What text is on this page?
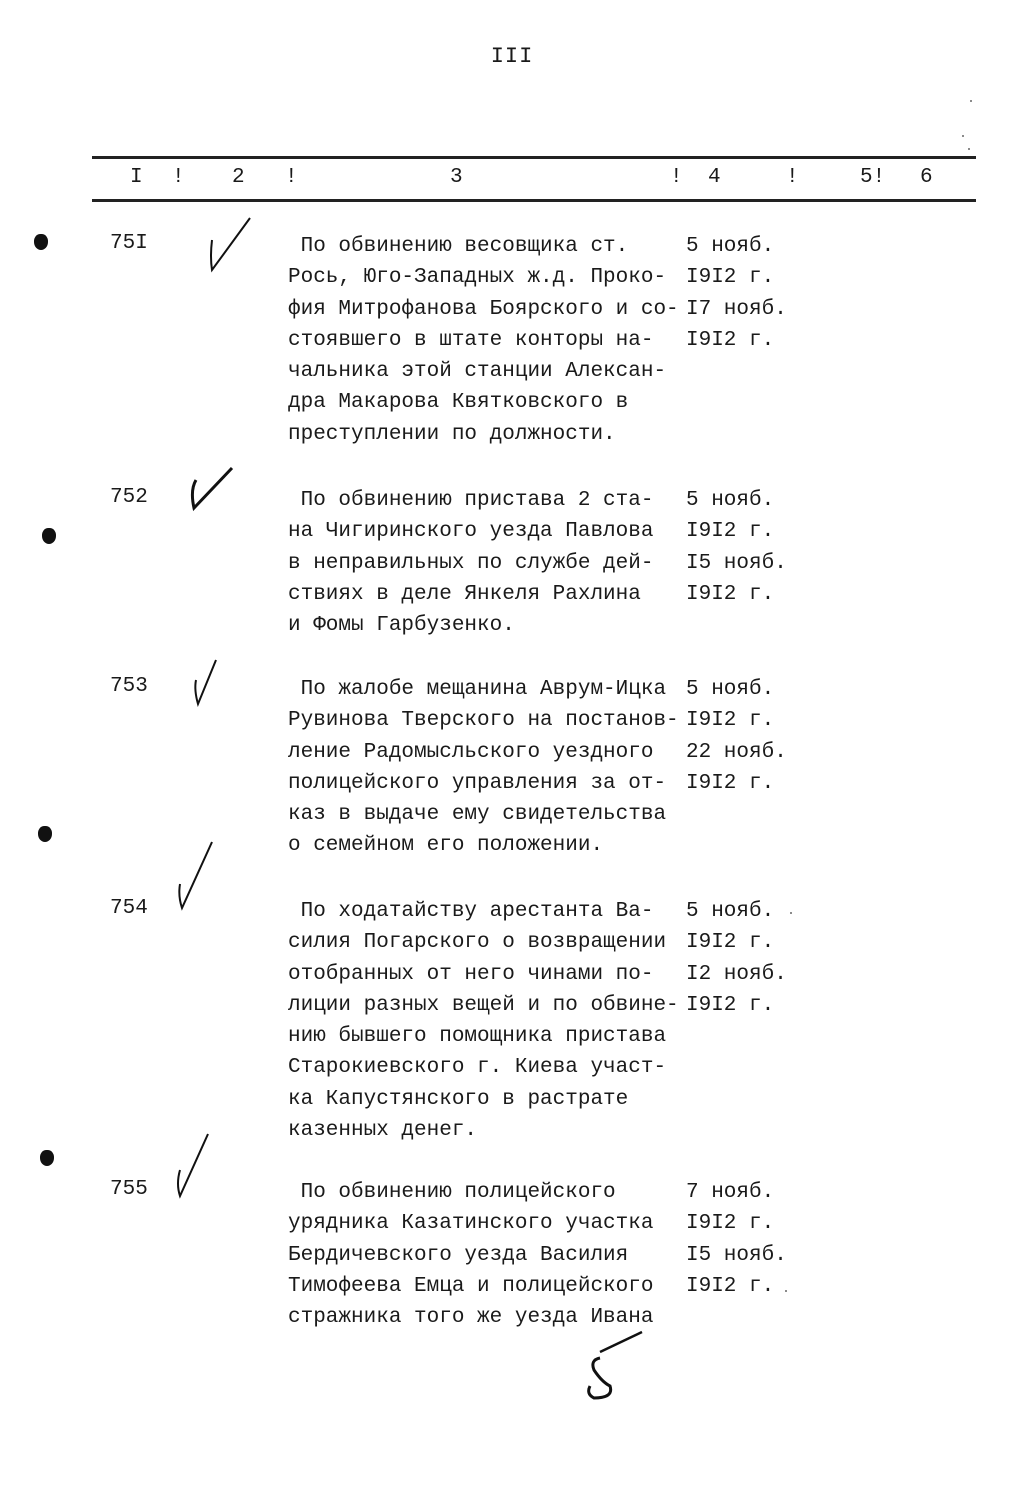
III
I ! 2 !	3	! 4	!	5! 6
75I	По обвинению весовщика ст.
Рось, Юго-Западных ж.д. Проко-
фия Митрофанова Боярского и со-
стоявшего в штате конторы на-
чальника этой станции Алексан-
дра Макарова Квятковского в
преступлении по должности.
5 нояб.
I9I2 г.
I7 нояб.
I9I2 г.
752	По обвинению пристава 2 ста-
на Чигиринского уезда Павлова
в неправильных по службе дей-
ствиях в деле Янкеля Рахлина
и Фомы Гарбузенко.
5 нояб.
I9I2 г.
I5 нояб.
I9I2 г.
753	По жалобе мещанина Аврум-Ицка
Рувинова Тверского на постанов-
ление Радомысльского уездного
полицейского управления за от-
каз в выдаче ему свидетельства
о семейном его положении.
5 нояб.
I9I2 г.
22 нояб.
I9I2 г.
754	По ходатайству арестанта Ва-
силия Погарского о возвращении
отобранных от него чинами по-
лиции разных вещей и по обвине-
нию бывшего помощника пристава
Старокиевского г. Киева участ-
ка Капустянского в растрате
казенных денег.
5 нояб.
I9I2 г.
I2 нояб.
I9I2 г.
755	По обвинению полицейского
урядника Казатинского участка
Бердичевского уезда Василия
Тимофеева Емца и полицейского
стражника того же уезда Ивана
7 нояб.
I9I2 г.
I5 нояб.
I9I2 г.
